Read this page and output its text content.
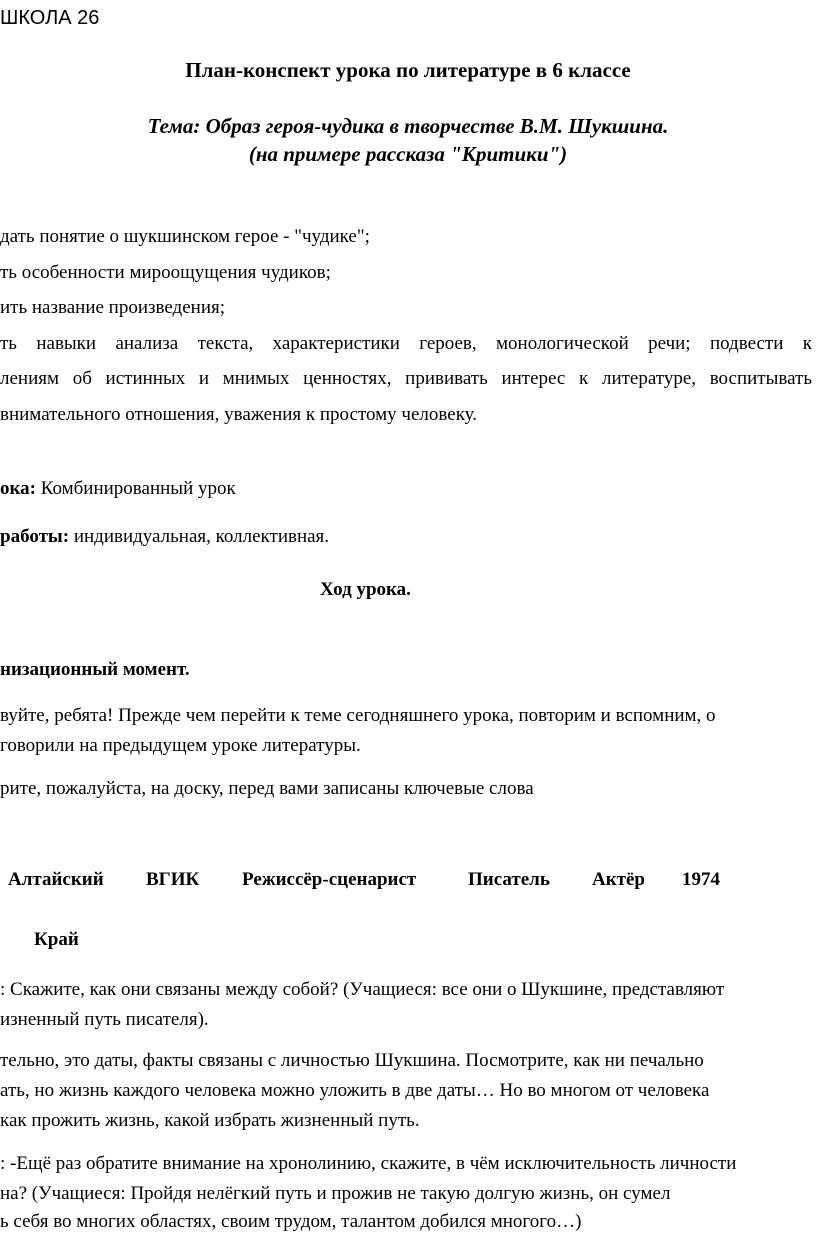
ШКОЛА 26
План-конспект урока по литературе в 6 классе
Тема: Образ героя-чудика в творчестве В.М. Шукшина.
(на примере рассказа "Критики")
дать понятие о шукшинском герое - "чудике";
ть особенности мироощущения чудиков;
ить название произведения;
ть навыки анализа текста, характеристики героев, монологической речи; подвести к
лениям об истинных и мнимых ценностях, прививать интерес к литературе, воспитывать
внимательного отношения, уважения к простому человеку.
ока: Комбинированный урок
работы: индивидуальная, коллективная.
Ход урока.
низационный момент.
вуйте, ребята! Прежде чем перейти к теме сегодняшнего урока, повторим и вспомним, о
говорили на предыдущем уроке литературы.
рите, пожалуйста, на доску, перед вами записаны ключевые слова
Алтайский ВГИК Режиссёр-сценарист	Писатель Актёр 1974
Край
: Скажите, как они связаны между собой? (Учащиеся: все они о Шукшине, представляют
изненный путь писателя).
тельно, это даты, факты связаны с личностью Шукшина. Посмотрите, как ни печально
ать, но жизнь каждого человека можно уложить в две даты… Но во многом от человека
как прожить жизнь, какой избрать жизненный путь.
: -Ещё раз обратите внимание на хронолинию, скажите, в чём исключительность личности
на? (Учащиеся: Пройдя нелёгкий путь и прожив не такую долгую жизнь, он сумел
ь себя во многих областях, своим трудом, талантом добился многого…)
